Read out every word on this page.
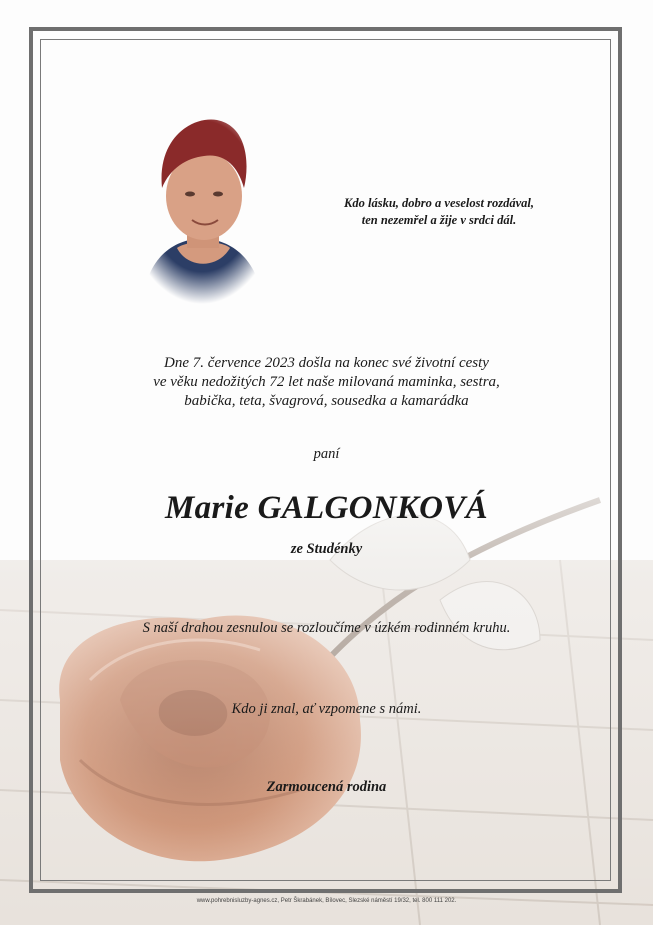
Kdo lásku, dobro a veselost rozdával,
ten nezemřel a žije v srdci dál.
Dne 7. července 2023 došla na konec své životní cesty
ve věku nedožitých 72 let naše milovaná maminka, sestra,
babička, teta, švagrová, sousedka a kamarádka
paní
Marie GALGONKOVÁ
ze Studénky
S naší drahou zesnulou se rozloučíme v úzkém rodinném kruhu.
Kdo ji znal, ať vzpomene s námi.
Zarmoucená rodina
www.pohrebnisluzby-agnes.cz, Petr Škrabánek, Bílovec, Slezské náměstí 19/32, tel. 800 111 202.
